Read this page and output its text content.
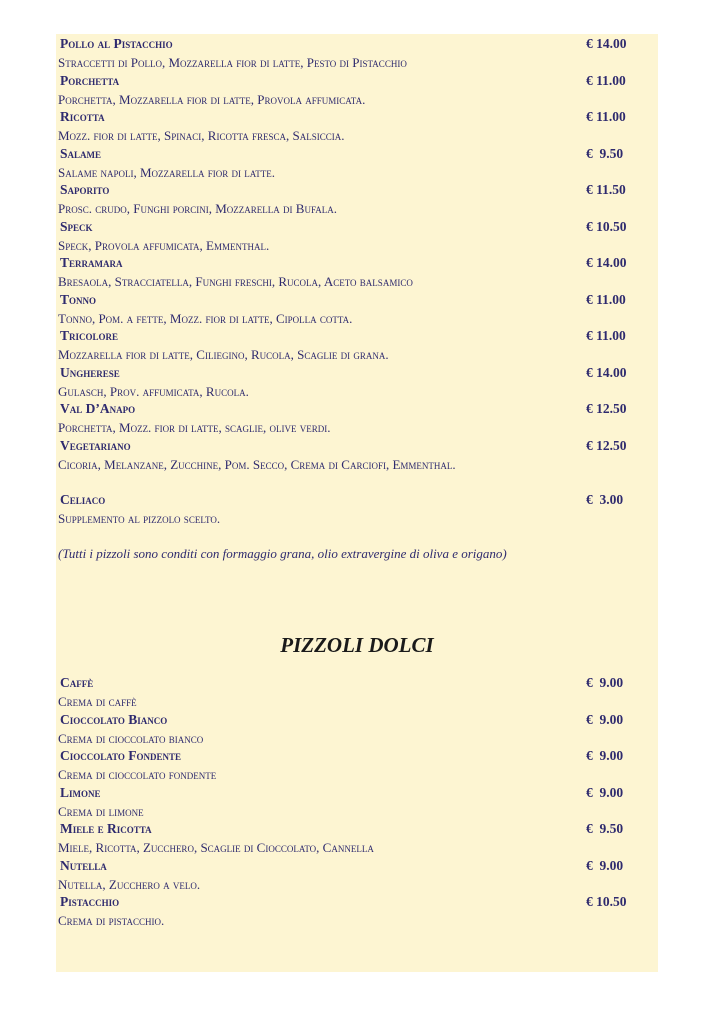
Pollo al Pistacchio	€ 14.00
Straccetti di Pollo, Mozzarella fior di latte, Pesto di Pistacchio
Porchetta	€ 11.00
Porchetta, Mozzarella fior di latte, Provola affumicata.
Ricotta	€ 11.00
Mozz. fior di latte, Spinaci, Ricotta fresca, Salsiccia.
Salame	€  9.50
Salame napoli, Mozzarella fior di latte.
Saporito	€ 11.50
Prosc. crudo, Funghi porcini, Mozzarella di Bufala.
Speck	€ 10.50
Speck, Provola affumicata, Emmenthal.
Terramara	€ 14.00
Bresaola, Stracciatella, Funghi freschi, Rucola, Aceto balsamico
Tonno	€ 11.00
Tonno, Pom. a fette, Mozz. fior di latte, Cipolla cotta.
Tricolore	€ 11.00
Mozzarella fior di latte, Ciliegino, Rucola, Scaglie di grana.
Ungherese	€ 14.00
Gulasch, Prov. affumicata, Rucola.
Val D’Anapo	€ 12.50
Porchetta, Mozz. fior di latte, scaglie, olive verdi.
Vegetariano	€ 12.50
Cicoria, Melanzane, Zucchine, Pom. Secco, Crema di Carciofi, Emmenthal.
Celiaco	€  3.00
Supplemento al pizzolo scelto.
(Tutti i pizzoli sono conditi con formaggio grana, olio extravergine di oliva e origano)
PIZZOLI DOLCI
Caffè	€  9.00
Crema di caffè
Cioccolato Bianco	€  9.00
Crema di cioccolato bianco
Cioccolato Fondente	€  9.00
Crema di cioccolato fondente
Limone	€  9.00
Crema di limone
Miele e Ricotta	€  9.50
Miele, Ricotta, Zucchero, Scaglie di Cioccolato, Cannella
Nutella	€  9.00
Nutella, Zucchero a velo.
Pistacchio	€ 10.50
Crema di pistacchio.
